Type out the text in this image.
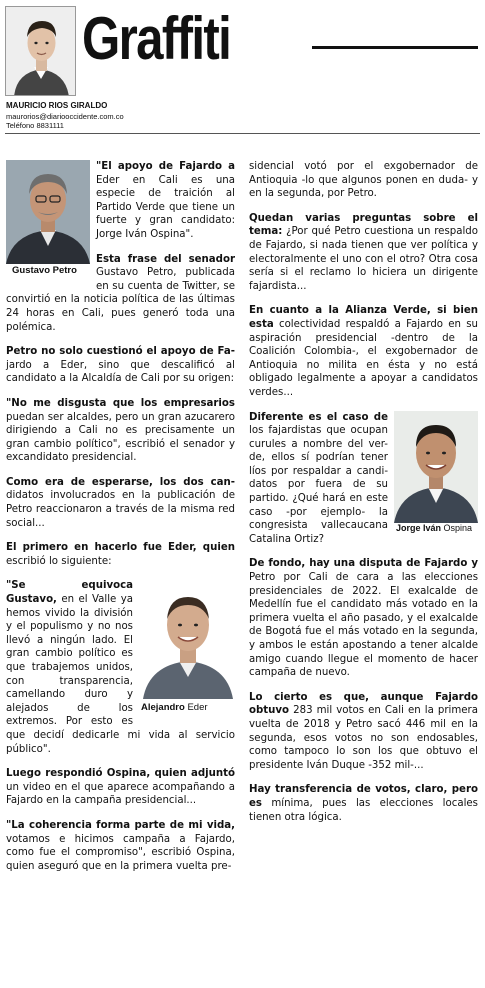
Graffiti
MAURICIO RIOS GIRALDO
maurorios@diariooccidente.com.co
Teléfono 8831111
Gustavo Petro

"El apoyo de Fajardo a Eder en Cali es una especie de traición al Partido Verde que tiene un fuerte y gran candidato: Jorge Iván Ospina".

Esta frase del senador Gustavo Petro, publicada en su cuenta de Twitter, se convirtió en la noticia política de las últimas 24 horas en Cali, pues generó toda una polémica.

Petro no solo cuestionó el apoyo de Fa- jardo a Eder, sino que descalificó al candidato a la Alcaldía de Cali por su origen:

"No me disgusta que los empresarios puedan ser alcaldes, pero un gran azucarero dirigiendo a Cali no es precisamente un gran cambio político", escribió el senador y excandidato presidencial.

Como era de esperarse, los dos can- didatos involucrados en la publicación de Petro reaccionaron a través de la misma red social...

El primero en hacerlo fue Eder, quien escribió lo siguiente:

Alejandro Eder

"Se equivoca Gustavo, en el Valle ya hemos vivido la división y el populismo y no nos llevó a ningún lado. El gran cambio político es que trabajemos unidos, con transparencia, camellando duro y alejados de los extremos. Por esto es que decidí dedicarle mi vida al servicio público".

Luego respondió Ospina, quien adjuntó un video en el que aparece acompañando a Fajardo en la campaña presidencial...

"La coherencia forma parte de mi vida, votamos e hicimos campaña a Fajardo, como fue el compromiso", escribió Ospina, quien aseguró que en la primera vuelta pre-

sidencial votó por el exgobernador de Antioquia -lo que algunos ponen en duda- y en la segunda, por Petro.

Quedan varias preguntas sobre el tema: ¿Por qué Petro cuestiona un respaldo de Fajardo, si nada tienen que ver política y electoralmente el uno con el otro? Otra cosa sería si el reclamo lo hiciera un dirigente fajardista...

En cuanto a la Alianza Verde, si bien esta colectividad respaldó a Fajardo en su aspiración presidencial -dentro de la Coalición Colombia-, el exgobernador de Antioquia no milita en ésta y no está obligado legalmente a apoyar a candidatos verdes...

Jorge Iván Ospina

Diferente es el caso de los fajardistas que ocupan curules a nombre del ver-de, ellos sí podrían tener líos por respaldar a candi-datos por fuera de su partido. ¿Qué hará en este caso -por ejemplo- la congresista vallecaucana Catalina Ortiz?

De fondo, hay una disputa de Fajardo y Petro por Cali de cara a las elecciones presidenciales de 2022. El exalcalde de Medellín fue el candidato más votado en la primera vuelta el año pasado, y el exalcalde de Bogotá fue el más votado en la segunda, y ambos le están apostando a tener alcalde amigo cuando llegue el momento de hacer campaña de nuevo.

Lo cierto es que, aunque Fajardo obtuvo 283 mil votos en Cali en la primera vuelta de 2018 y Petro sacó 446 mil en la segunda, esos votos no son endosables, como tampoco lo son los que obtuvo el presidente Iván Duque -352 mil-...

Hay transferencia de votos, claro, pero es mínima, pues las elecciones locales tienen otra lógica.
